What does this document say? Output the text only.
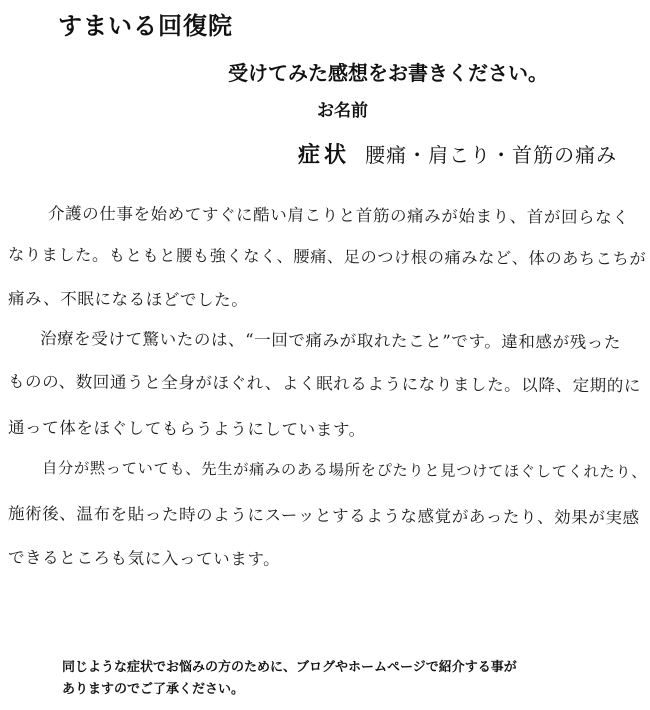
すまいる回復院
受けてみた感想をお書きください。
お名前
症状 腰痛・肩こり・首筋の痛み
介護の仕事を始めてすぐに酷い肩こりと首筋の痛みが始まり、首が回らなく
なりました。もともと腰も強くなく、腰痛、足のつけ根の痛みなど、体のあちこちが
痛み、不眠になるほどでした。
治療を受けて驚いたのは、“一回で痛みが取れたこと”です。違和感が残った
ものの、数回通うと全身がほぐれ、よく眠れるようになりました。以降、定期的に
通って体をほぐしてもらうようにしています。
自分が黙っていても、先生が痛みのある場所をぴたりと見つけてほぐしてくれたり、
施術後、温布を貼った時のようにスーッとするような感覚があったり、効果が実感
できるところも気に入っています。
同じような症状でお悩みの方のために、ブログやホームページで紹介する事が
ありますのでご了承ください。
